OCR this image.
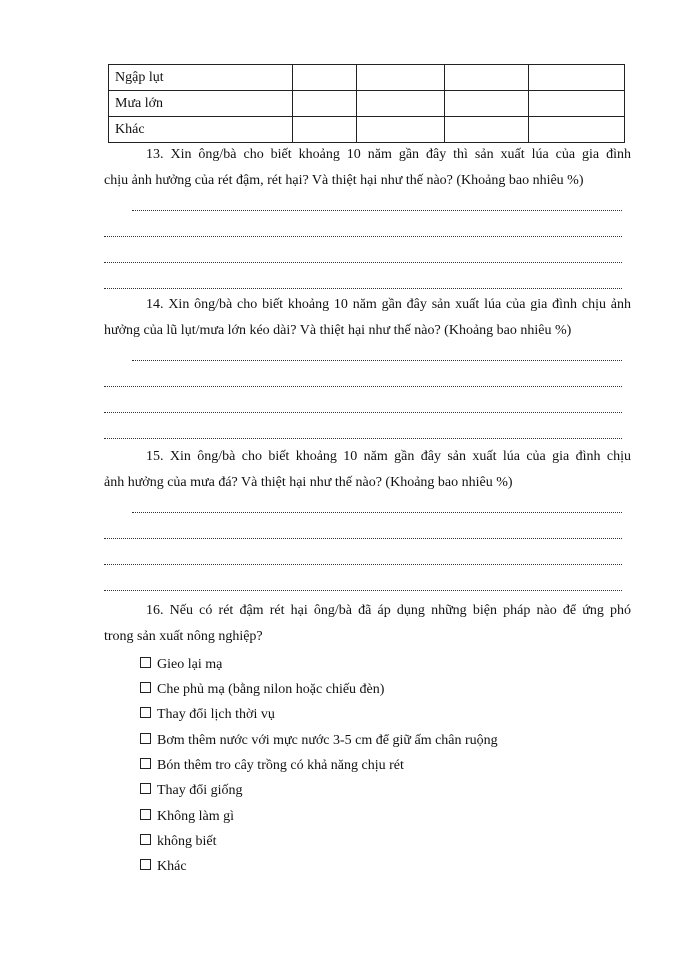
Ngập lụt				
Mưa lớn				
Khác				
13. Xin ông/bà cho biết khoảng 10 năm gần đây thì sản xuất lúa của gia đình
chịu ảnh hưởng của rét đậm, rét hại? Và thiệt hại như thế nào? (Khoảng bao nhiêu %)
14. Xin ông/bà cho biết khoảng 10 năm gần đây sản xuất lúa của gia đình chịu ảnh
hưởng của lũ lụt/mưa lớn kéo dài? Và thiệt hại như thế nào? (Khoảng bao nhiêu %)
15. Xin ông/bà cho biết khoảng 10 năm gần đây sản xuất lúa của gia đình chịu
ảnh hưởng của mưa đá? Và thiệt hại như thế nào? (Khoảng bao nhiêu %)
16. Nếu có rét đậm rét hại ông/bà đã áp dụng những biện pháp nào để ứng phó
trong sản xuất nông nghiệp?
Gieo lại mạ
Che phủ mạ (bằng nilon hoặc chiếu đèn)
Thay đổi lịch thời vụ
Bơm thêm nước với mực nước 3-5 cm để giữ ấm chân ruộng
Bón thêm tro cây trồng có khả năng chịu rét
Thay đổi giống
Không làm gì
không biết
Khác
